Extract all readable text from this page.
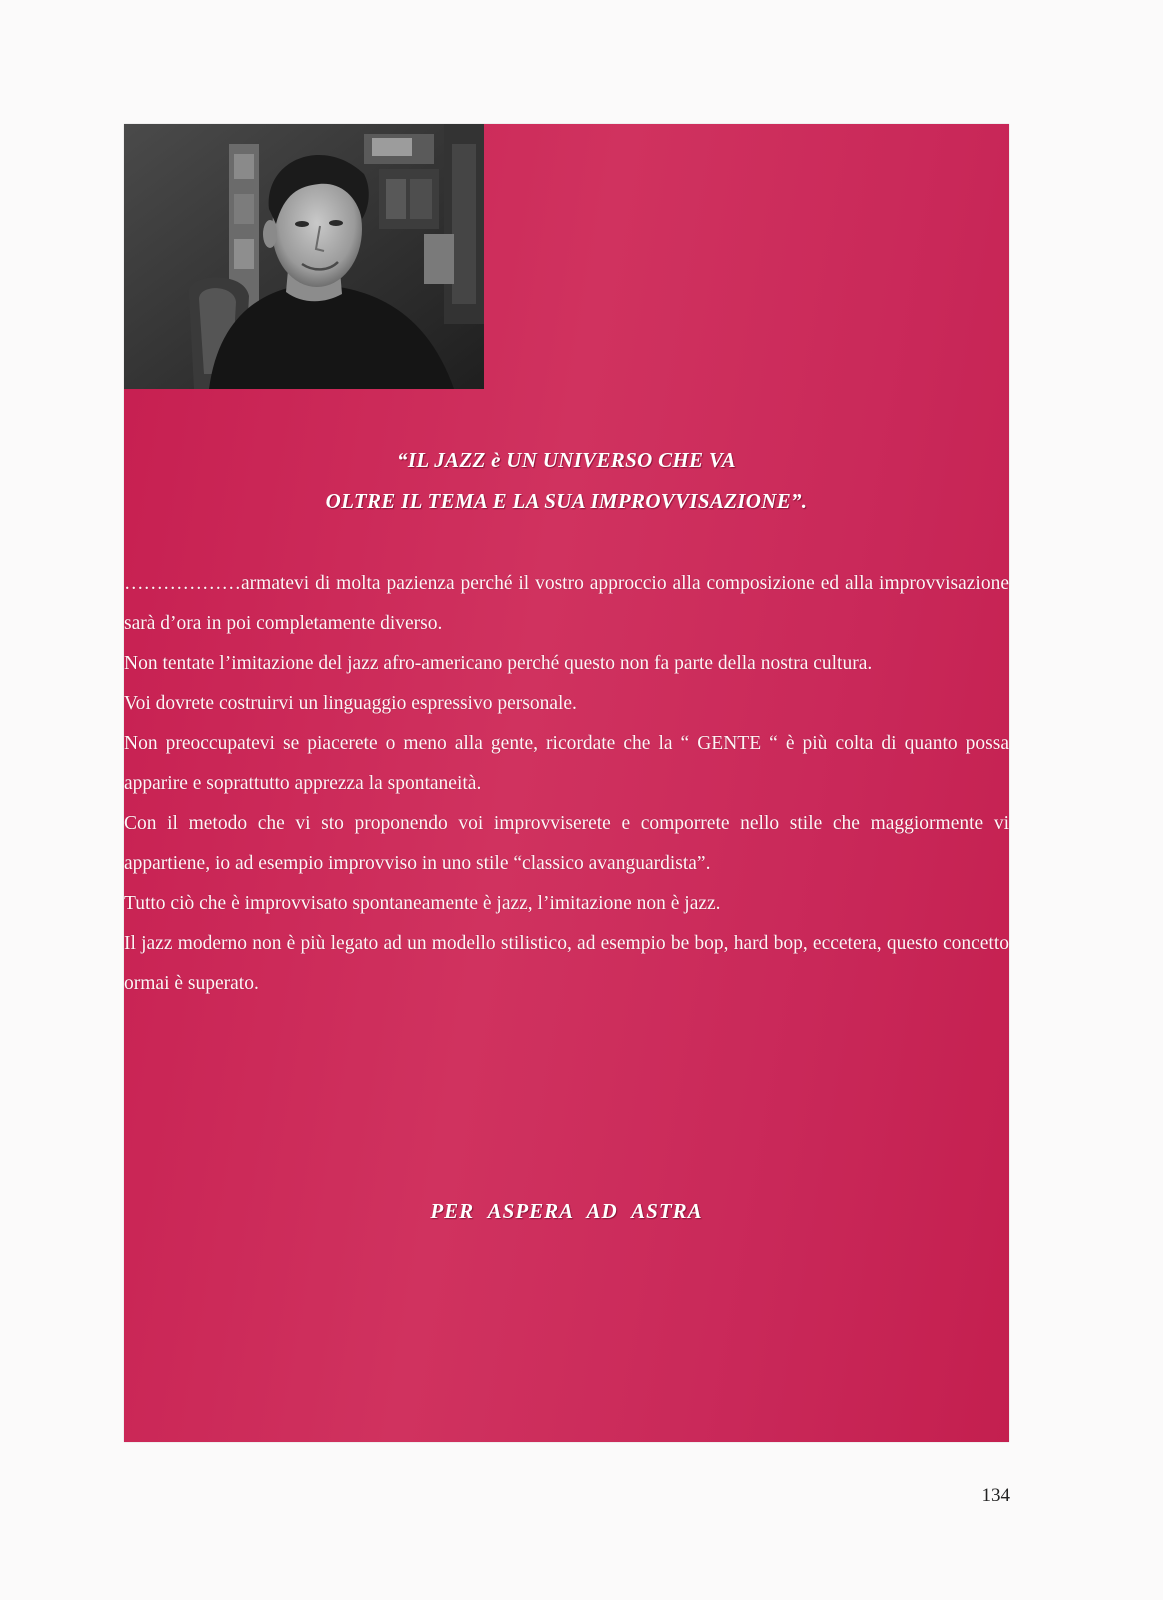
“IL JAZZ è UN UNIVERSO CHE VA
OLTRE IL TEMA E LA SUA IMPROVVISAZIONE”.

………………armatevi di molta pazienza perché il vostro approccio alla composizione ed alla improvvisazione sarà d’ora in poi completamente diverso.

Non tentate l’imitazione del jazz afro-americano perché questo non fa parte della nostra cultura.

Voi dovrete costruirvi un linguaggio espressivo personale.

Non preoccupatevi se piacerete o meno alla gente, ricordate che la “ GENTE “ è più colta di quanto possa apparire e soprattutto apprezza la spontaneità.

Con il metodo che vi sto proponendo voi improvviserete e comporrete nello stile che maggiormente vi appartiene, io ad esempio improvviso in uno stile “classico avanguardista”.

Tutto ciò che è improvvisato spontaneamente è jazz, l’imitazione non è jazz.

Il jazz moderno non è più legato ad un modello stilistico, ad esempio be bop, hard bop, eccetera, questo concetto ormai è superato.

PER ASPERA AD ASTRA
134
